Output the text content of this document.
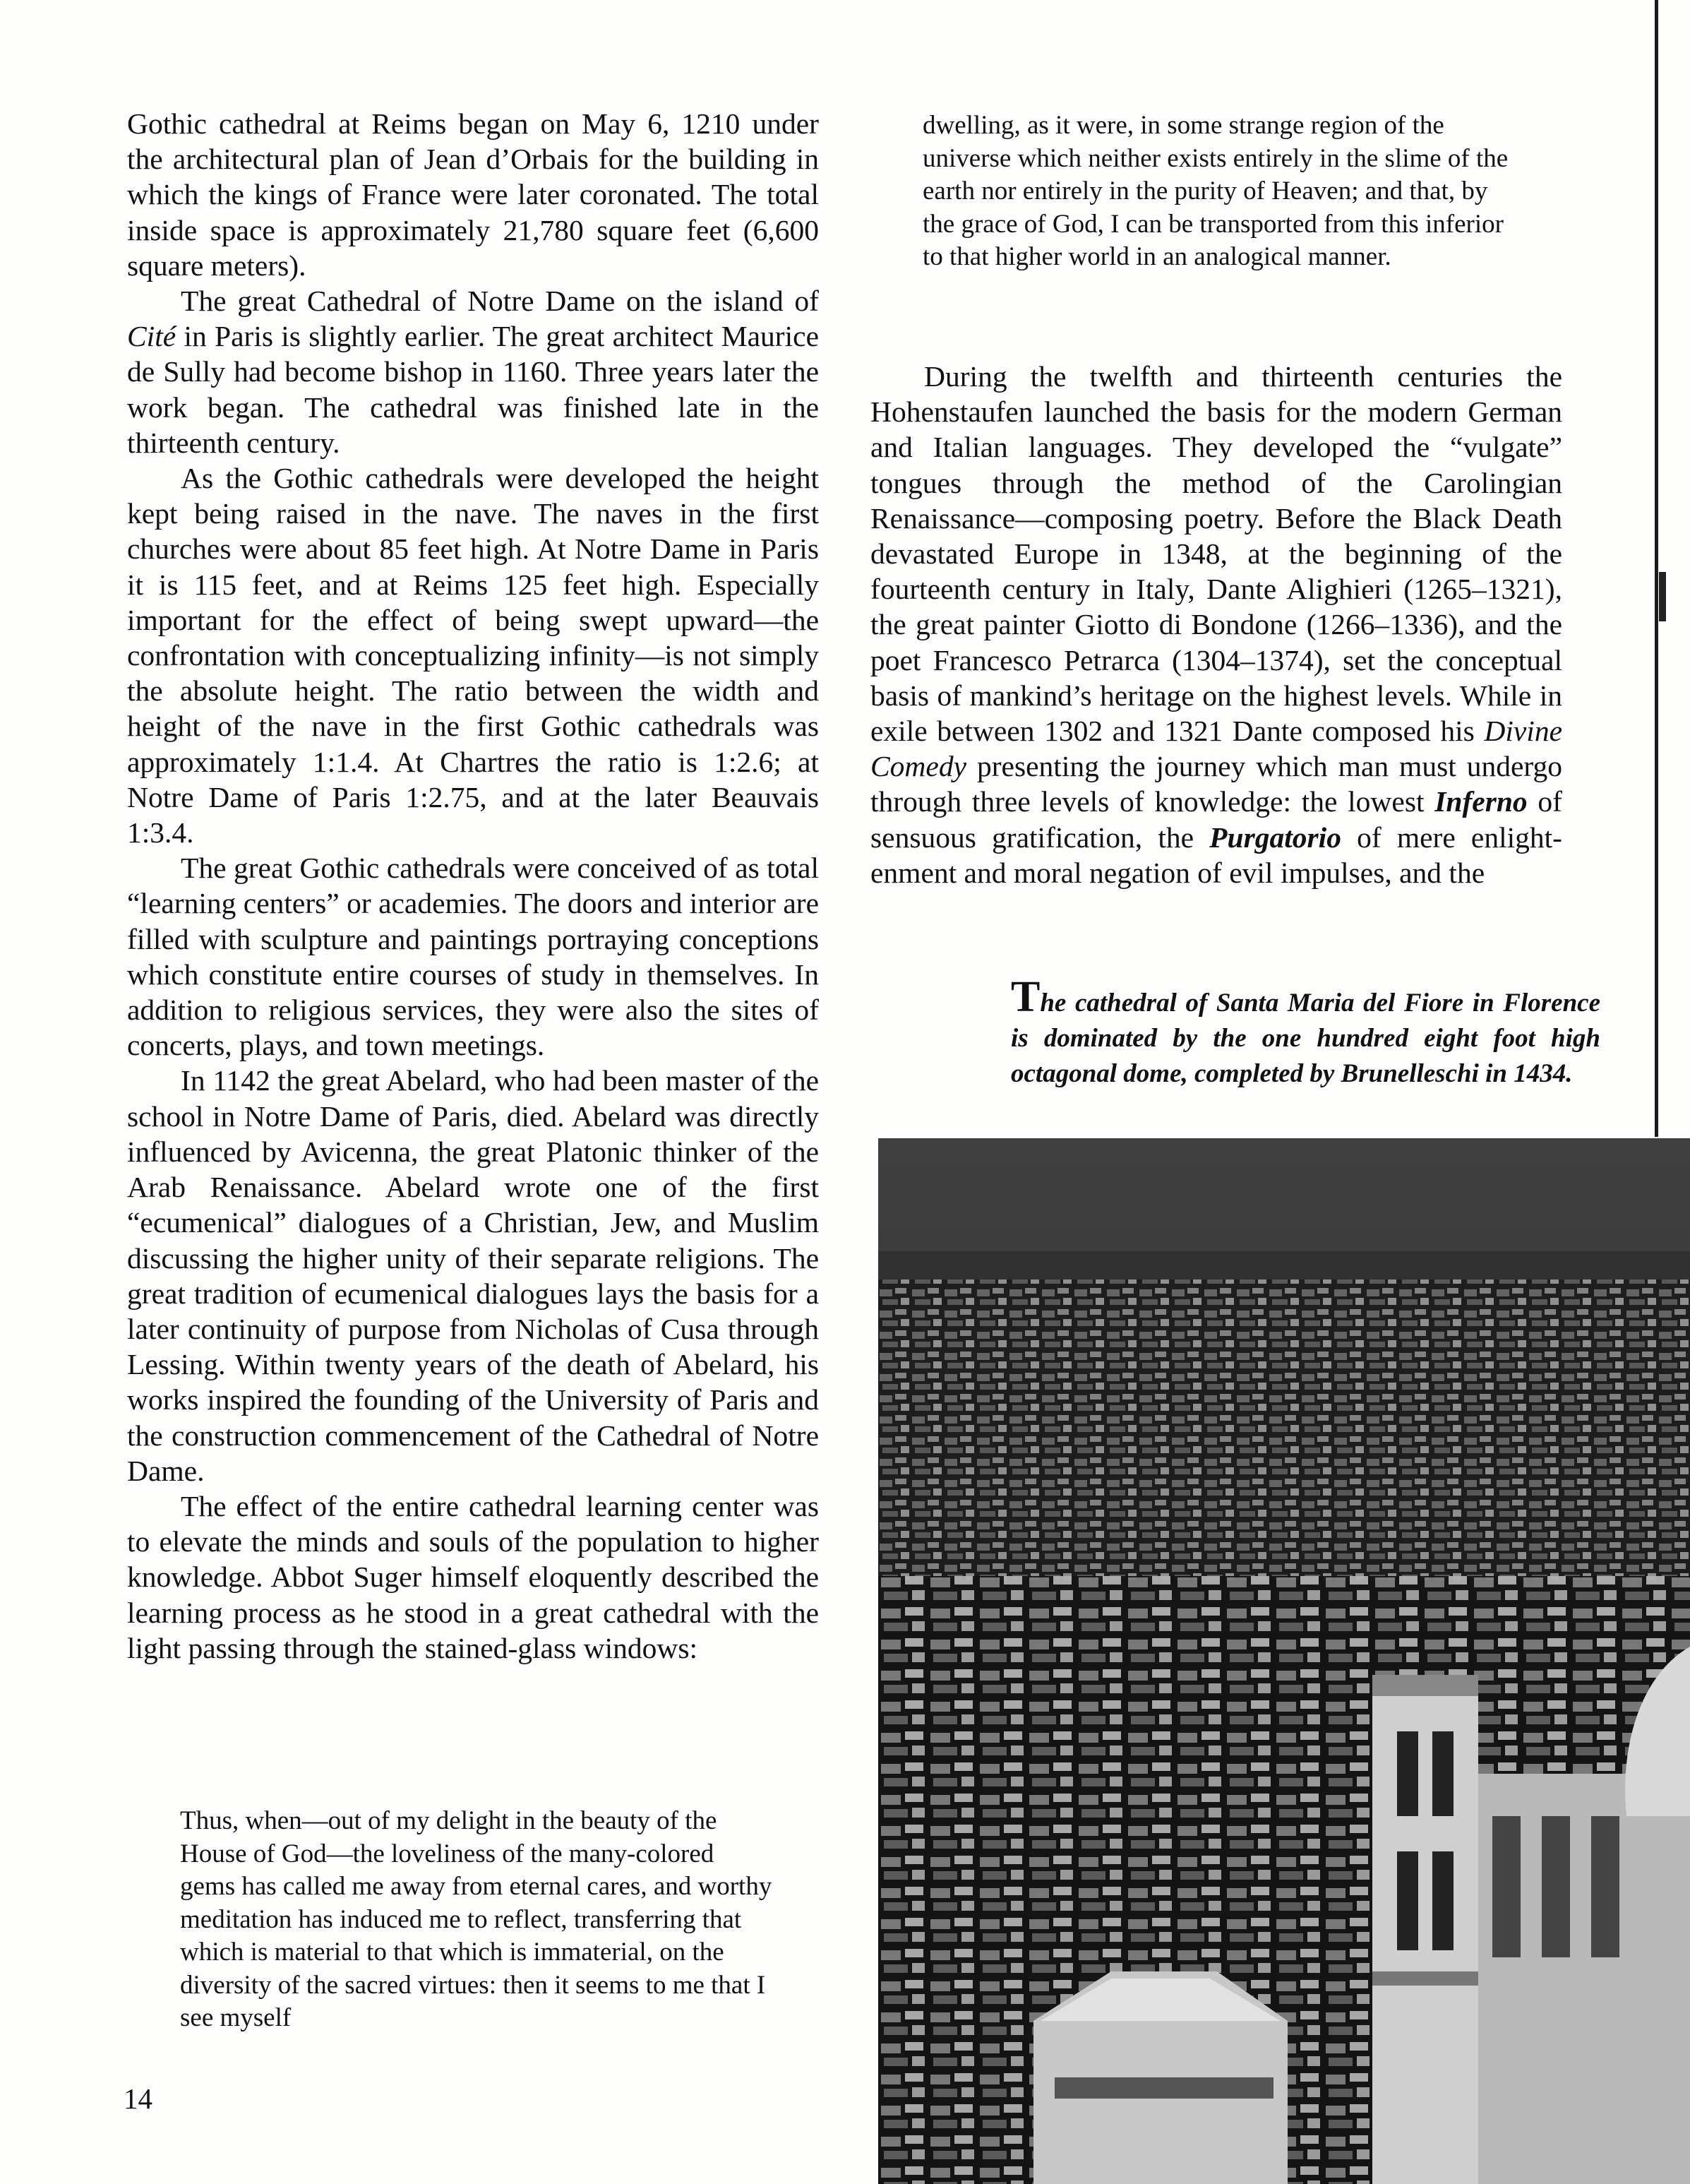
Gothic cathedral at Reims began on May 6, 1210 under the architectural plan of Jean d’Orbais for the building in which the kings of France were later coronated. The total inside space is approximately 21,780 square feet (6,600 square meters).

The great Cathedral of Notre Dame on the island of Cité in Paris is slightly earlier. The great architect Maurice de Sully had become bishop in 1160. Three years later the work began. The cathedral was finished late in the thirteenth century.

As the Gothic cathedrals were developed the height kept being raised in the nave. The naves in the first churches were about 85 feet high. At Notre Dame in Paris it is 115 feet, and at Reims 125 feet high. Especially important for the effect of being swept upward—the confrontation with conceptualizing infinity—is not simply the absolute height. The ratio between the width and height of the nave in the first Gothic cathedrals was approximately 1:1.4. At Chartres the ratio is 1:2.6; at Notre Dame of Paris 1:2.75, and at the later Beauvais 1:3.4.

The great Gothic cathedrals were conceived of as total “learning centers” or academies. The doors and interior are filled with sculpture and paintings portraying conceptions which constitute entire courses of study in themselves. In addition to religious services, they were also the sites of concerts, plays, and town meetings.

In 1142 the great Abelard, who had been master of the school in Notre Dame of Paris, died. Abelard was directly influenced by Avicenna, the great Platonic thinker of the Arab Renaissance. Abelard wrote one of the first “ecumenical” dialogues of a Christian, Jew, and Muslim discussing the higher unity of their separate religions. The great tradition of ecumenical dialogues lays the basis for a later continuity of purpose from Nicholas of Cusa through Lessing. Within twenty years of the death of Abelard, his works inspired the founding of the University of Paris and the construction commencement of the Cathedral of Notre Dame.

The effect of the entire cathedral learning center was to elevate the minds and souls of the population to higher knowledge. Abbot Suger himself eloquently described the learning process as he stood in a great cathedral with the light passing through the stained-glass windows:

Thus, when—out of my delight in the beauty of the House of God—the loveliness of the many-colored gems has called me away from eternal cares, and worthy meditation has induced me to reflect, transferring that which is material to that which is immaterial, on the diversity of the sacred virtues: then it seems to me that I see myself
dwelling, as it were, in some strange region of the universe which neither exists entirely in the slime of the earth nor entirely in the purity of Heaven; and that, by the grace of God, I can be transported from this inferior to that higher world in an analogical manner.

During the twelfth and thirteenth centuries the Hohenstaufen launched the basis for the modern German and Italian languages. They developed the “vulgate” tongues through the method of the Carolingian Renaissance—composing poetry. Before the Black Death devastated Europe in 1348, at the beginning of the fourteenth century in Italy, Dante Alighieri (1265–1321), the great painter Giotto di Bondone (1266–1336), and the poet Francesco Petrarca (1304–1374), set the conceptual basis of mankind’s heritage on the highest levels. While in exile between 1302 and 1321 Dante composed his Divine Comedy presenting the journey which man must undergo through three levels of knowledge: the lowest Inferno of sensuous gratification, the Purgatorio of mere enlightenment and moral negation of evil impulses, and the

The cathedral of Santa Maria del Fiore in Florence is dominated by the one hundred eight foot high octagonal dome, completed by Brunelleschi in 1434.
14
